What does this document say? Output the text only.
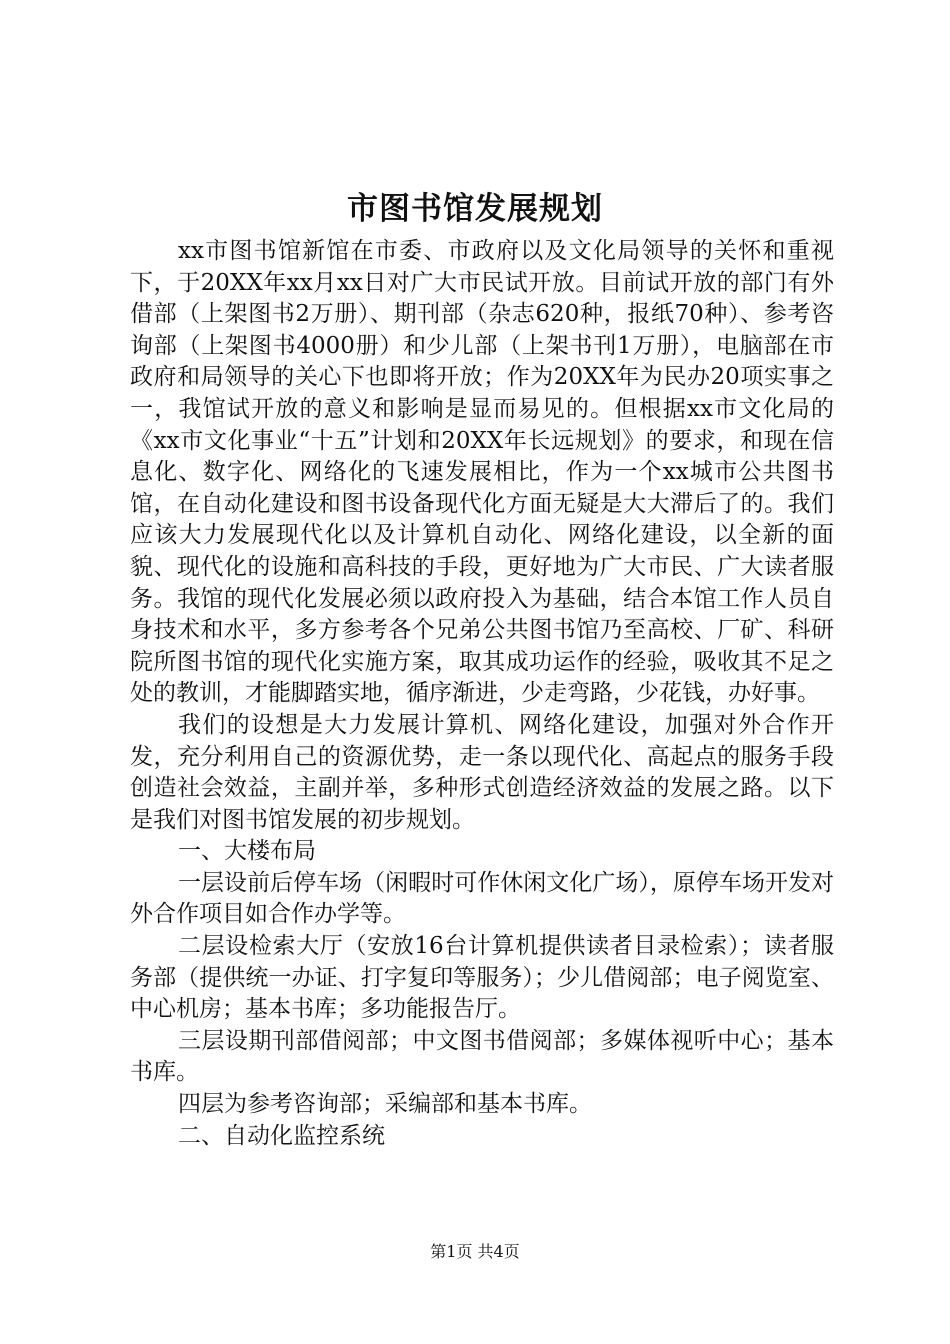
市图书馆发展规划

xx市图书馆新馆在市委、市政府以及文化局领导的关怀和重视下，于20XX年xx月xx日对广大市民试开放。目前试开放的部门有外借部（上架图书2万册）、期刊部（杂志620种，报纸70种）、参考咨询部（上架图书4000册）和少儿部（上架书刊1万册），电脑部在市政府和局领导的关心下也即将开放；作为20XX年为民办20项实事之一，我馆试开放的意义和影响是显而易见的。但根据xx市文化局的《xx市文化事业“十五”计划和20XX年长远规划》的要求，和现在信息化、数字化、网络化的飞速发展相比，作为一个xx城市公共图书馆，在自动化建设和图书设备现代化方面无疑是大大滞后了的。我们应该大力发展现代化以及计算机自动化、网络化建设，以全新的面貌、现代化的设施和高科技的手段，更好地为广大市民、广大读者服务。我馆的现代化发展必须以政府投入为基础，结合本馆工作人员自身技术和水平，多方参考各个兄弟公共图书馆乃至高校、厂矿、科研院所图书馆的现代化实施方案，取其成功运作的经验，吸收其不足之处的教训，才能脚踏实地，循序渐进，少走弯路，少花钱，办好事。

我们的设想是大力发展计算机、网络化建设，加强对外合作开发，充分利用自己的资源优势，走一条以现代化、高起点的服务手段创造社会效益，主副并举，多种形式创造经济效益的发展之路。以下是我们对图书馆发展的初步规划。

一、大楼布局

一层设前后停车场（闲暇时可作休闲文化广场），原停车场开发对外合作项目如合作办学等。

二层设检索大厅（安放16台计算机提供读者目录检索）；读者服务部（提供统一办证、打字复印等服务）；少儿借阅部；电子阅览室、中心机房；基本书库；多功能报告厅。

三层设期刊部借阅部；中文图书借阅部；多媒体视听中心；基本书库。

四层为参考咨询部；采编部和基本书库。

二、自动化监控系统

第1页 共4页
